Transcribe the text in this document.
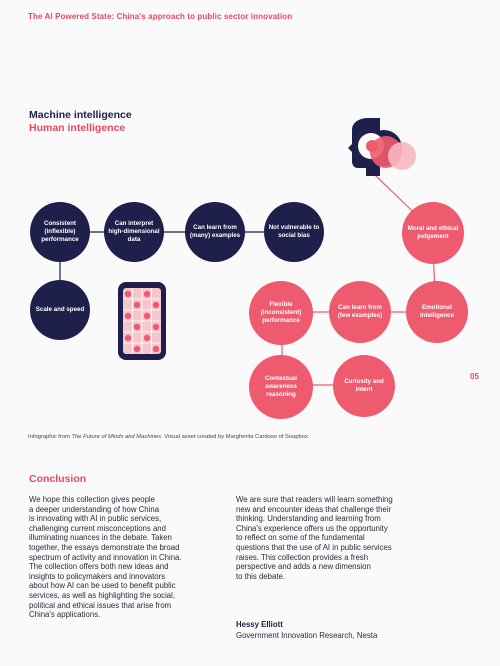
The AI Powered State: China's approach to public sector innovation
Machine intelligence
Human intelligence
Consistent (inflexible) performance
Can interpret high-dimensional data
Can learn from (many) examples
Not vulnerable to social bias
Scale and speed
Moral and ethical judgement
Emotional intelligence
Can learn from (few examples)
Flexible (inconsistent) performance
Contextual awareness reasoning
Curiosity and intent
05
Infographic from The Future of Minds and Machines. Visual asset created by Margherita Cardoso of Soapbox.
Conclusion
We hope this collection gives people
a deeper understanding of how China
is innovating with AI in public services,
challenging current misconceptions and
illuminating nuances in the debate. Taken
together, the essays demonstrate the broad
spectrum of activity and innovation in China.
The collection offers both new ideas and
insights to policymakers and innovators
about how AI can be used to benefit public
services, as well as highlighting the social,
political and ethical issues that arise from
China's applications.
We are sure that readers will learn something
new and encounter ideas that challenge their
thinking. Understanding and learning from
China's experience offers us the opportunity
to reflect on some of the fundamental
questions that the use of AI in public services
raises. This collection provides a fresh
perspective and adds a new dimension
to this debate.
Hessy Elliott
Government Innovation Research, Nesta
